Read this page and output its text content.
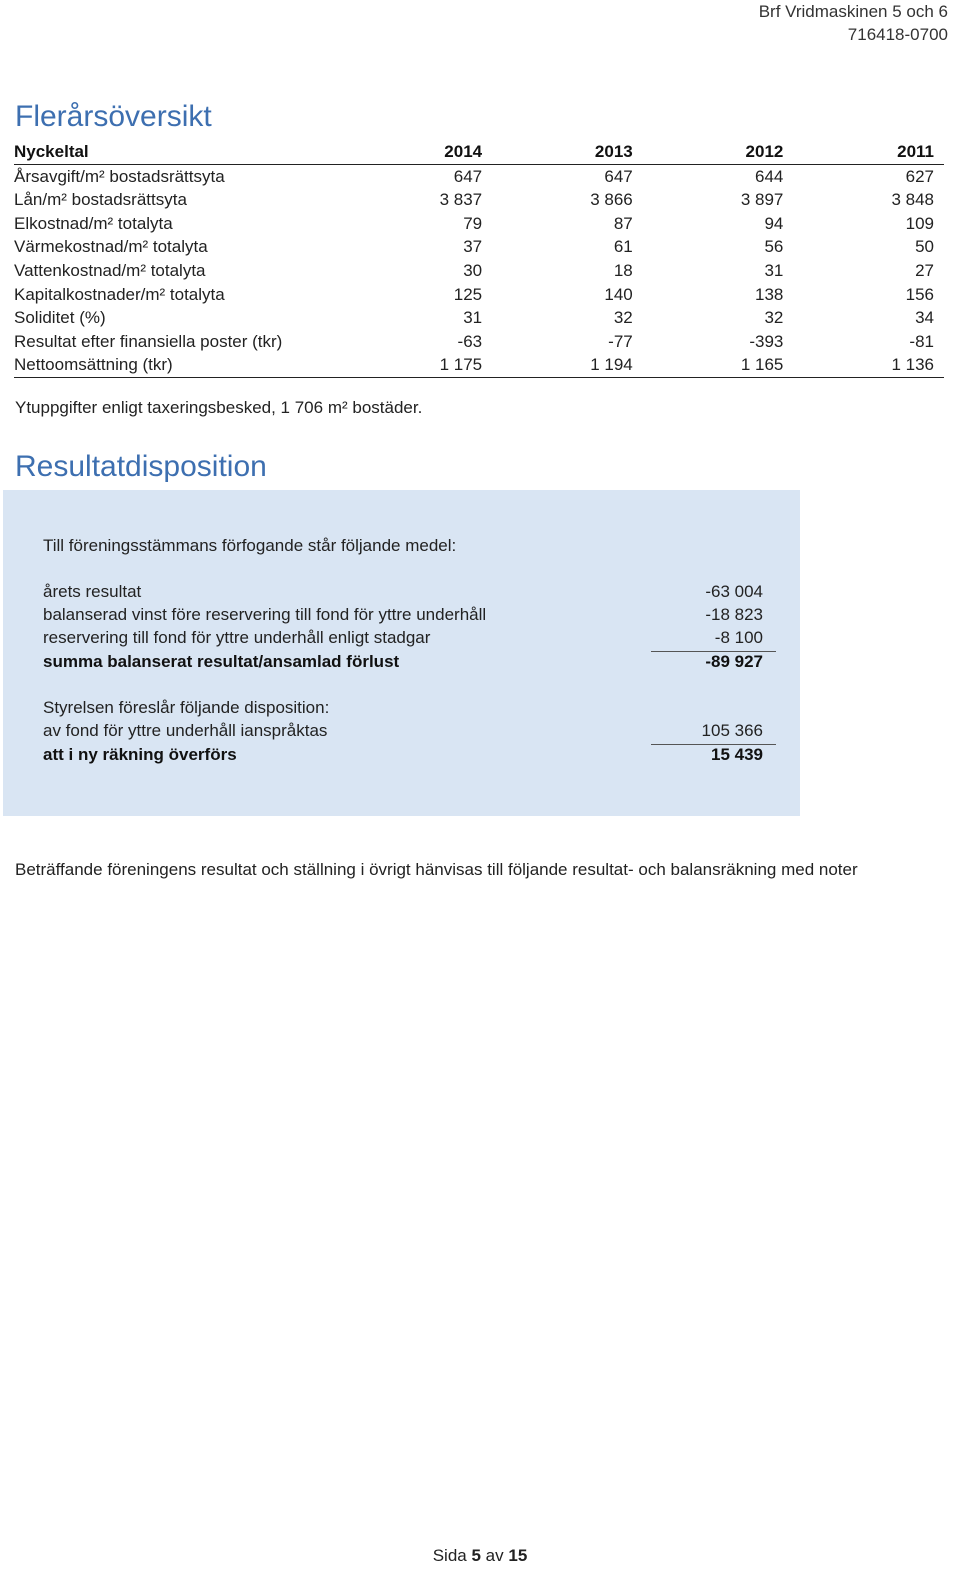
Brf Vridmaskinen 5 och 6
716418-0700
Flerårsöversikt
Nyckeltal	2014	2013	2012	2011
Årsavgift/m² bostadsrättsyta	647	647	644	627
Lån/m² bostadsrättsyta	3 837	3 866	3 897	3 848
Elkostnad/m² totalyta	79	87	94	109
Värmekostnad/m² totalyta	37	61	56	50
Vattenkostnad/m² totalyta	30	18	31	27
Kapitalkostnader/m² totalyta	125	140	138	156
Soliditet (%)	31	32	32	34
Resultat efter finansiella poster (tkr)	-63	-77	-393	-81
Nettoomsättning (tkr)	1 175	1 194	1 165	1 136
Ytuppgifter enligt taxeringsbesked, 1 706 m² bostäder.
Resultatdisposition
Till föreningsstämmans förfogande står följande medel:
årets resultat	-63 004
balanserad vinst före reservering till fond för yttre underhåll	-18 823
reservering till fond för yttre underhåll enligt stadgar	-8 100
summa balanserat resultat/ansamlad förlust	-89 927
Styrelsen föreslår följande disposition:
av fond för yttre underhåll ianspråktas	105 366
att i ny räkning överförs	15 439
Beträffande föreningens resultat och ställning i övrigt hänvisas till följande resultat- och balansräkning med noter
Sida 5 av 15
